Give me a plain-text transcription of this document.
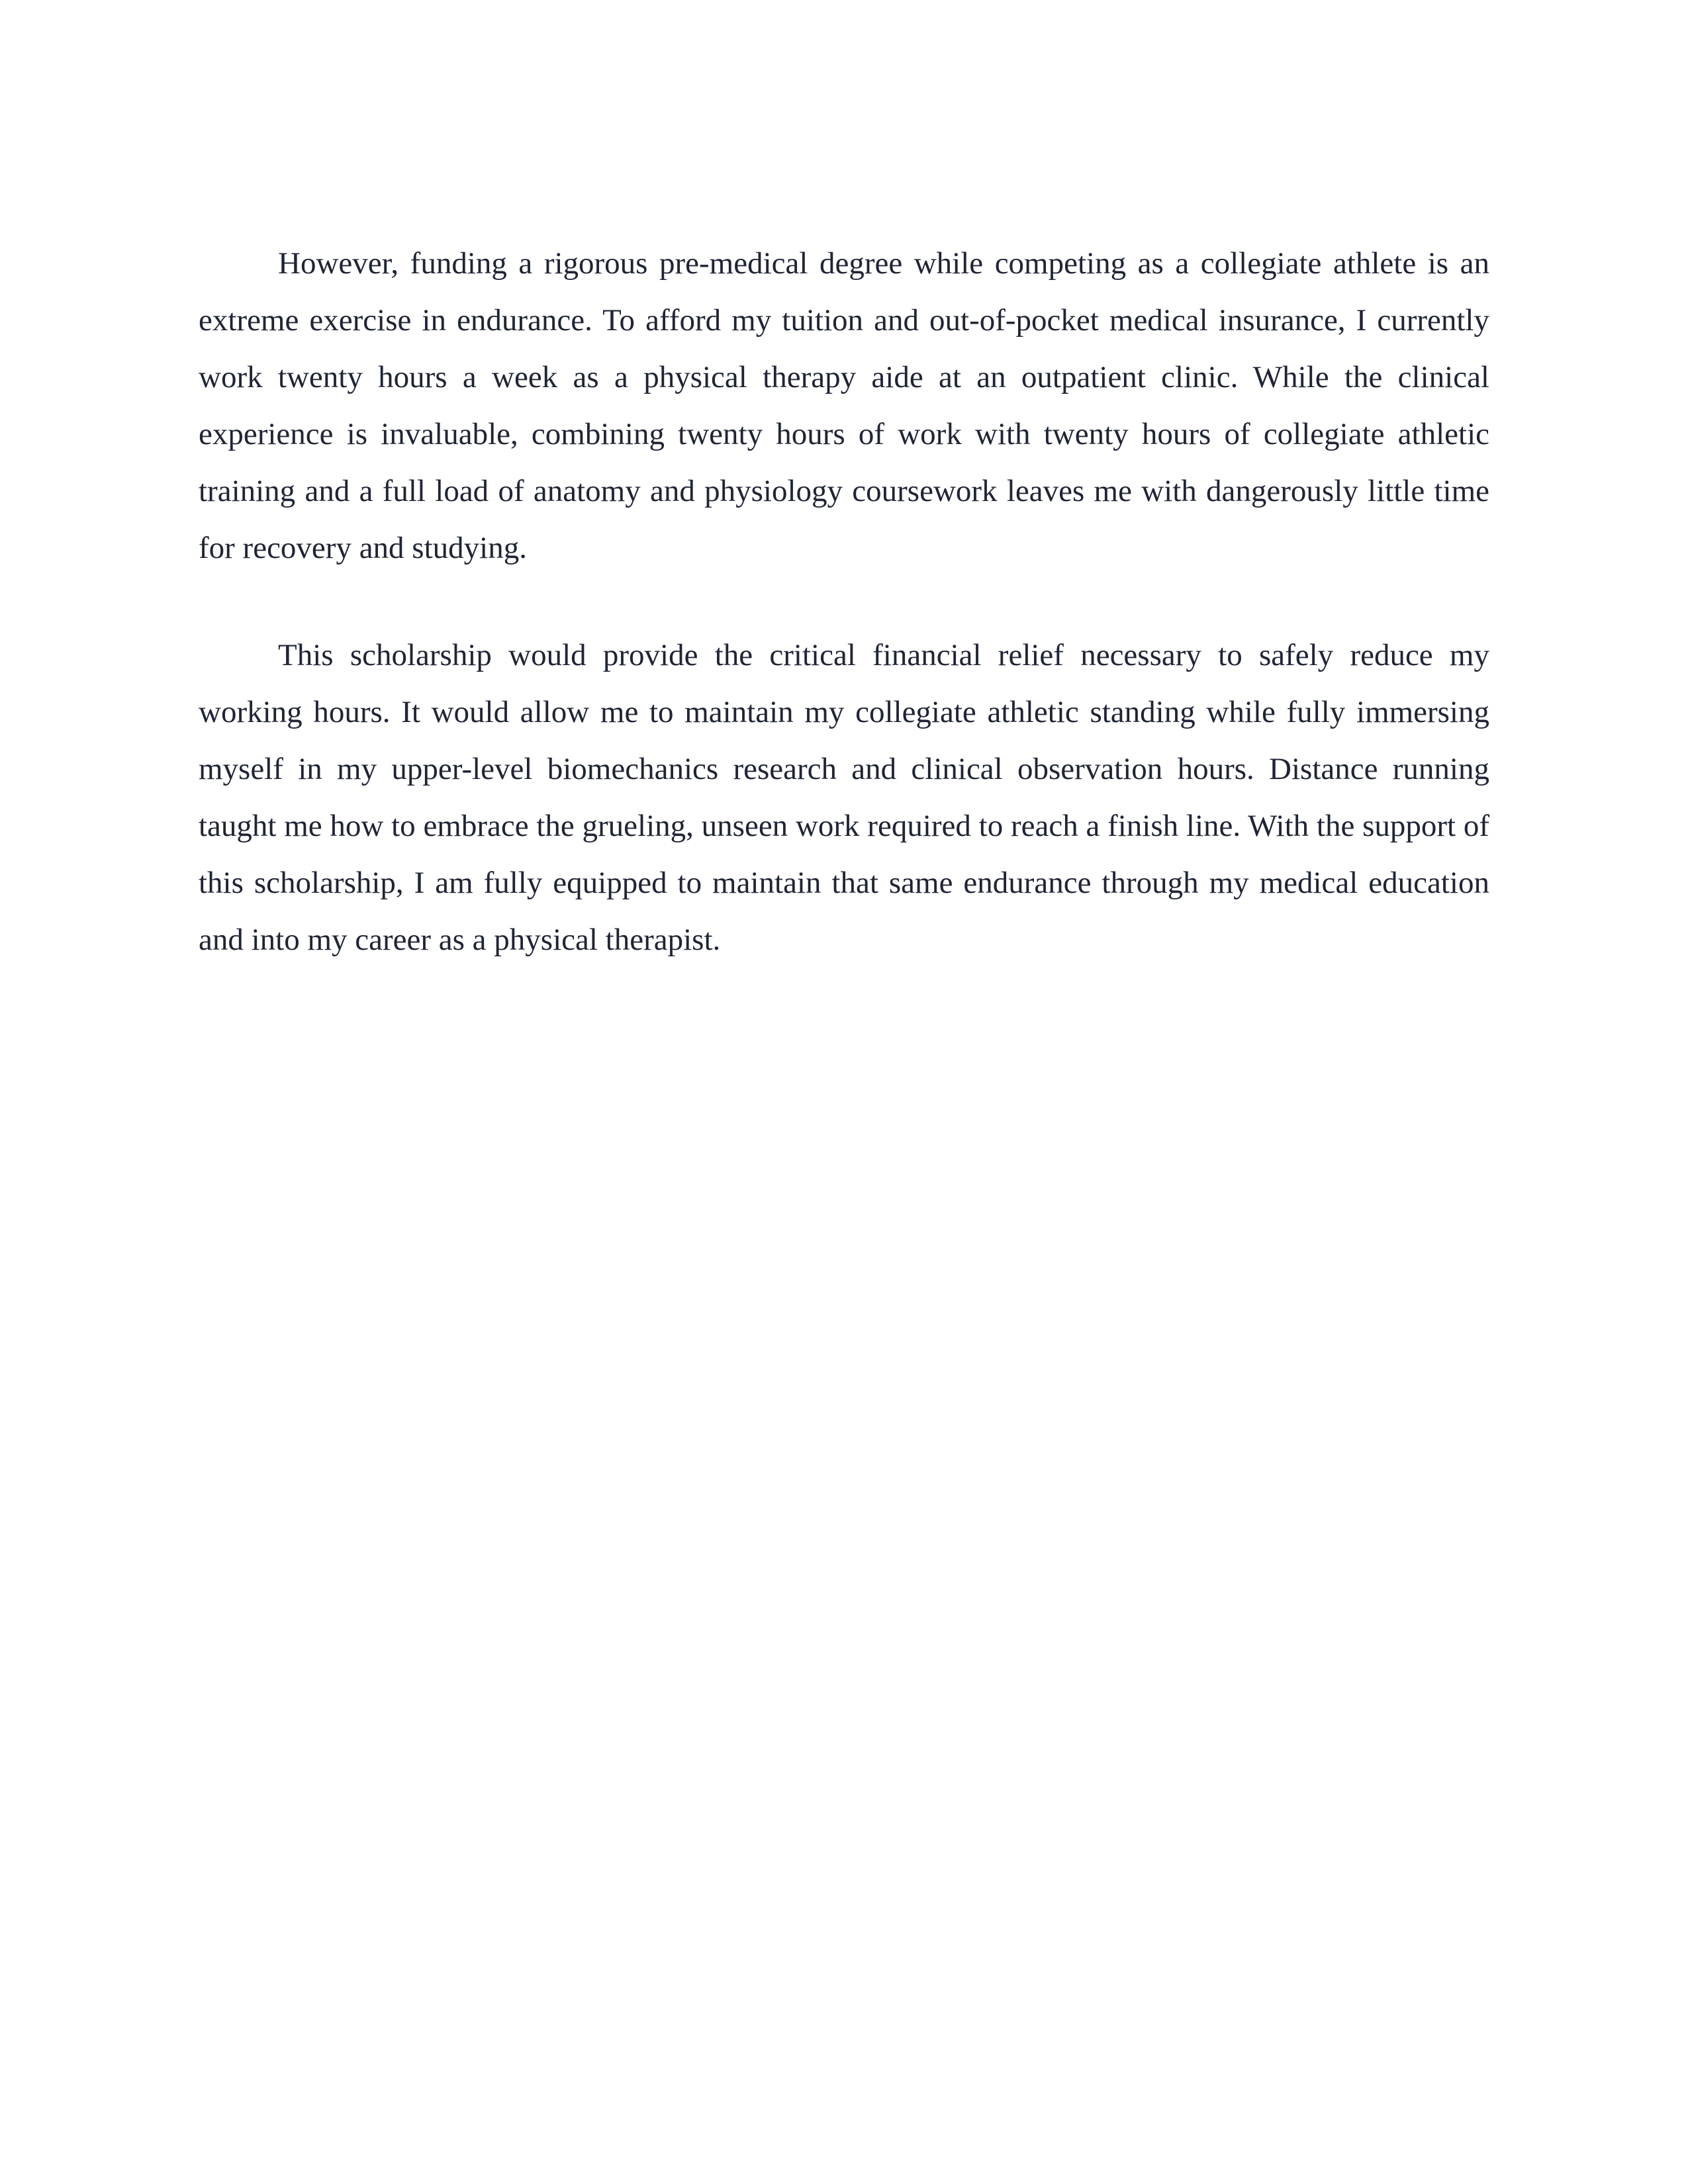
However, funding a rigorous pre-medical degree while competing as a collegiate athlete is an extreme exercise in endurance. To afford my tuition and out-of-pocket medical insurance, I currently work twenty hours a week as a physical therapy aide at an outpatient clinic. While the clinical experience is invaluable, combining twenty hours of work with twenty hours of collegiate athletic training and a full load of anatomy and physiology coursework leaves me with dangerously little time for recovery and studying.

This scholarship would provide the critical financial relief necessary to safely reduce my working hours. It would allow me to maintain my collegiate athletic standing while fully immersing myself in my upper-level biomechanics research and clinical observation hours. Distance running taught me how to embrace the grueling, unseen work required to reach a finish line. With the support of this scholarship, I am fully equipped to maintain that same endurance through my medical education and into my career as a physical therapist.
